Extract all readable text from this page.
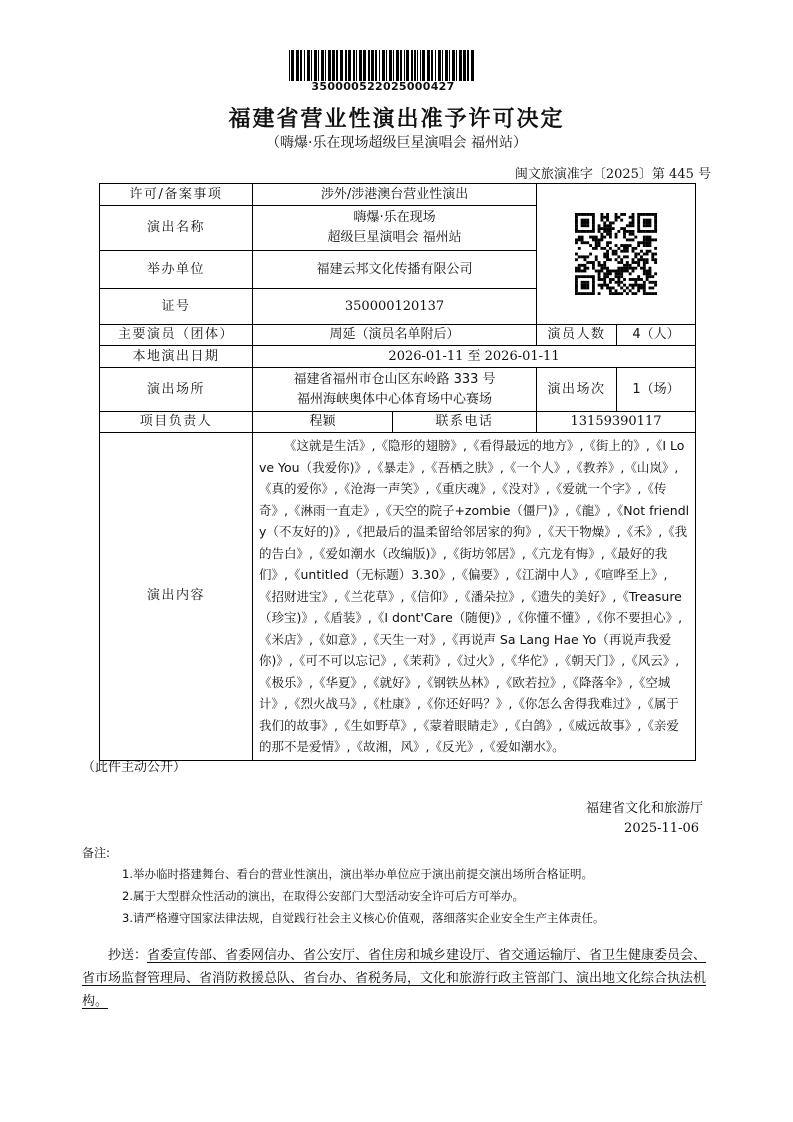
350000522025000427
福建省营业性演出准予许可决定
（嗨爆·乐在现场超级巨星演唱会 福州站）
闽文旅演准字〔2025〕第 445 号
许可/备案事项	涉外/涉港澳台营业性演出	

演出名称	嗨爆·乐在现场
超级巨星演唱会 福州站			

举办单位	福建云邦文化传播有限公司			
证号	350000120137			
主要演员（团体）	周延（演员名单附后）		演员人数	4（人）
本地演出日期	2026-01-11 至 2026-01-11			
演出场所	福建省福州市仓山区东岭路 333 号
福州海峡奥体中心体育场中心赛场		演出场次	1（场）
项目负责人	程颖	联系电话	13159390117	
演出内容	《这就是生活》,《隐形的翅膀》,《看得最远的地方》,《街上的》,《I Love You（我爱你)》,《暴走》,《吾栖之肤》,《一个人》,《教养》,《山岚》,《真的爱你》,《沧海一声笑》,《重庆魂》,《没对》,《爱就一个字》,《传奇》,《淋雨一直走》,《天空的院子+zombie（僵尸)》,《龍》,《Not friendly（不友好的)》,《把最后的温柔留给邻居家的狗》,《天干物燥》,《禾》,《我的告白》,《爱如潮水（改编版)》,《街坊邻居》,《亢龙有悔》,《最好的我们》,《untitled（无标题）3.30》,《偏要》,《江湖中人》,《喧哗至上》,《招财进宝》,《兰花草》,《信仰》,《潘朵拉》,《遗失的美好》,《Treasure（珍宝)》,《盾装》,《I dont'Care（随便)》,《你懂不懂》,《你不要担心》,《米店》,《如意》,《天生一对》,《再说声 Sa Lang Hae Yo（再说声我爱你)》,《可不可以忘记》,《茉莉》,《过火》,《华佗》,《朝天门》,《风云》,《极乐》,《华夏》,《就好》,《钢铁丛林》,《欧若拉》,《降落伞》,《空城计》,《烈火战马》,《杜康》,《你还好吗？》,《你怎么舍得我难过》,《属于我们的故事》,《生如野草》,《蒙着眼睛走》,《白鸽》,《威远故事》,《亲爱的那不是爱情》,《故湘，风》,《反光》,《爱如潮水》。			
（此件主动公开）
福建省文化和旅游厅
2025-11-06
备注:
1.举办临时搭建舞台、看台的营业性演出，演出举办单位应于演出前提交演出场所合格证明。
2.属于大型群众性活动的演出，在取得公安部门大型活动安全许可后方可举办。
3.请严格遵守国家法律法规，自觉践行社会主义核心价值观，落细落实企业安全生产主体责任。
抄送：省委宣传部、省委网信办、省公安厅、省住房和城乡建设厅、省交通运输厅、省卫生健康委员会、省市场监督管理局、省消防救援总队、省台办、省税务局，文化和旅游行政主管部门、演出地文化综合执法机构。
